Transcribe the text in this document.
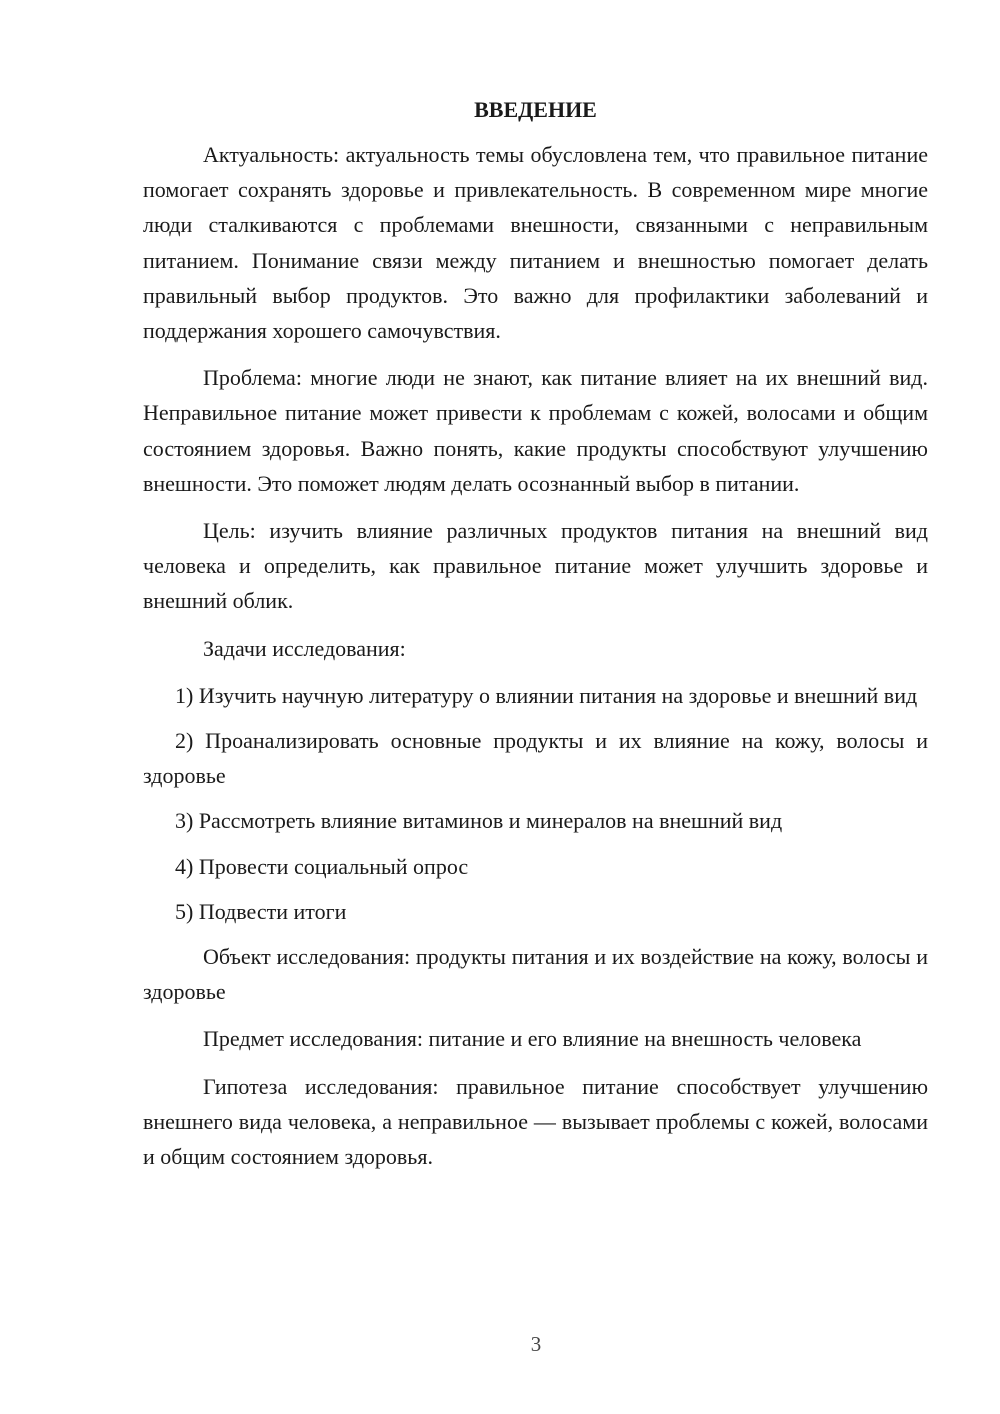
ВВЕДЕНИЕ

Актуальность: актуальность темы обусловлена тем, что правильное питание помогает сохранять здоровье и привлекательность. В современном мире многие люди сталкиваются с проблемами внешности, связанными с неправильным питанием. Понимание связи между питанием и внешностью помогает делать правильный выбор продуктов. Это важно для профилактики заболеваний и поддержания хорошего самочувствия.

Проблема: многие люди не знают, как питание влияет на их внешний вид. Неправильное питание может привести к проблемам с кожей, волосами и общим состоянием здоровья. Важно понять, какие продукты способствуют улучшению внешности. Это поможет людям делать осознанный выбор в питании.

Цель: изучить влияние различных продуктов питания на внешний вид человека и определить, как правильное питание может улучшить здоровье и внешний облик.

Задачи исследования:

1) Изучить научную литературу о влиянии питания на здоровье и внешний вид

2) Проанализировать основные продукты и их влияние на кожу, волосы и здоровье

3) Рассмотреть влияние витаминов и минералов на внешний вид

4) Провести социальный опрос

5) Подвести итоги

Объект исследования: продукты питания и их воздействие на кожу, волосы и здоровье

Предмет исследования: питание и его влияние на внешность человека

Гипотеза исследования: правильное питание способствует улучшению внешнего вида человека, а неправильное — вызывает проблемы с кожей, волосами и общим состоянием здоровья.

3
